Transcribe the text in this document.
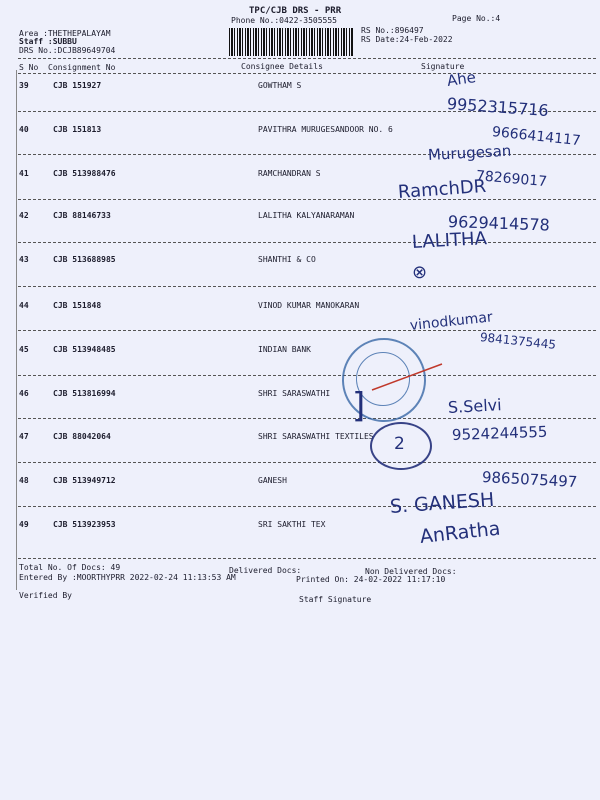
TPC/CJB DRS - PRR
Phone No.:0422-3505555	Page No.:4
RS No.:896497
RS Date:24-Feb-2022
Area :THETHEPALAYAM
Staff :SUBBU
DRS No.:DCJB89649704
S No Consignment No	Consignee Details	Signature
39	CJB 151927	GOWTHAM S
40	CJB 151813	PAVITHRA MURUGESANDOOR NO. 6
41	CJB 513988476	RAMCHANDRAN S
42	CJB 88146733	LALITHA KALYANARAMAN
43	CJB 513688985	SHANTHI & CO
44	CJB 151848	VINOD KUMAR MANOKARAN
45	CJB 513948485	INDIAN BANK
46	CJB 513816994	SHRI SARASWATHI
47	CJB 88042064	SHRI SARASWATHI TEXTILES
48	CJB 513949712	GANESH
49	CJB 513923953	SRI SAKTHI TEX
Ahe
9952315716
9666414117
Murugesan
78269017
RamchDR
9629414578
LALITHA
⊗
vinodkumar
9841375445
]	S.Selvi
9524244555
2
9865075497
S. GANESH
AnRatha
Total No. Of Docs: 49	Delivered Docs:	Non Delivered Docs:
Entered By :MOORTHYPRR 2022-02-24 11:13:53 AM	Printed On: 24-02-2022 11:17:10
Verified By	Staff Signature
